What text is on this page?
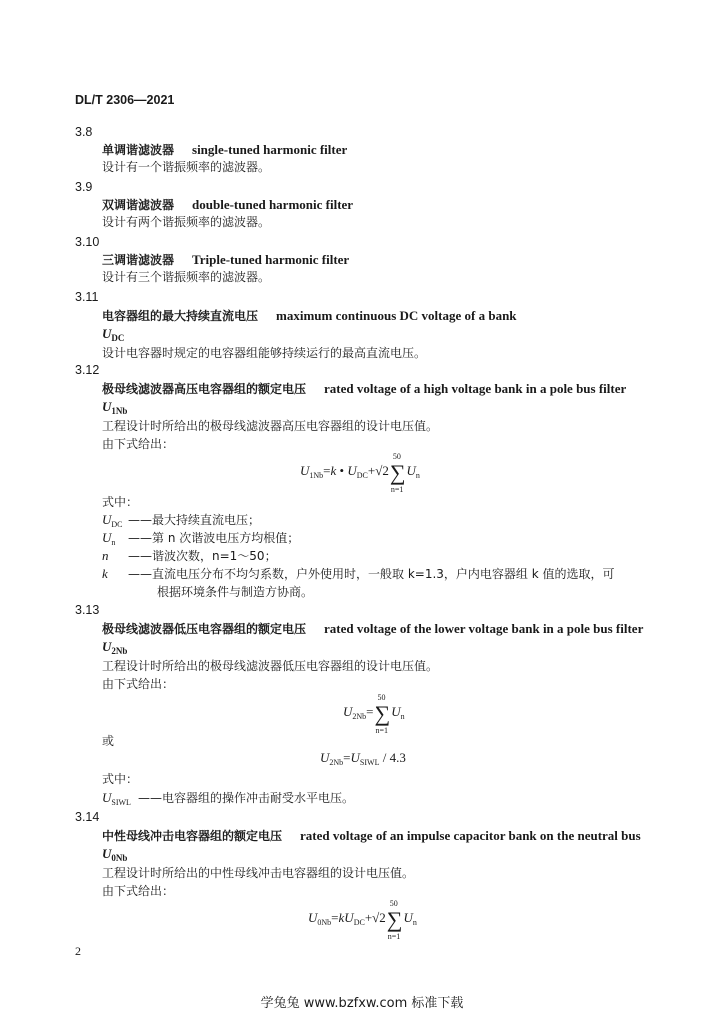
DL/T 2306—2021
3.8
单调谐滤波器 single-tuned harmonic filter
设计有一个谐振频率的滤波器。
3.9
双调谐滤波器 double-tuned harmonic filter
设计有两个谐振频率的滤波器。
3.10
三调谐滤波器 Triple-tuned harmonic filter
设计有三个谐振频率的滤波器。
3.11
电容器组的最大持续直流电压 maximum continuous DC voltage of a bank
$U_{DC}$
设计电容器时规定的电容器组能够持续运行的最高直流电压。
3.12
极母线滤波器高压电容器组的额定电压 rated voltage of a high voltage bank in a pole bus filter
$U_{1Nb}$
工程设计时所给出的极母线滤波器高压电容器组的设计电压值。
由下式给出：
$U_{1Nb}=k$ • $U_{DC}+√2\sum$
50
n=1
$U_n$
式中：
$U_{DC}$ ——最大持续直流电压；
$U_n$ ——第 n 次谐波电压方均根值；
n ——谐波次数，n=1～50；
k ——直流电压分布不均匀系数，户外使用时，一般取 k=1.3，户内电容器组 k 值的选取，可
根据环境条件与制造方协商。
3.13
极母线滤波器低压电容器组的额定电压 rated voltage of the lower voltage bank in a pole bus filter
$U_{2Nb}$
工程设计时所给出的极母线滤波器低压电容器组的设计电压值。
由下式给出：
$U_{2Nb}=\sum$
50
n=1
$U_n$
或
$U_{2Nb}=U_{SIWL} / 4.3$
式中：
$U_{SIWL}$ ——电容器组的操作冲击耐受水平电压。
3.14
中性母线冲击电容器组的额定电压 rated voltage of an impulse capacitor bank on the neutral bus
$U_{0Nb}$
工程设计时所给出的中性母线冲击电容器组的设计电压值。
由下式给出：
$U_{0Nb}=kU_{DC}+√2\sum$
50
n=1
$U_n$
2
学兔兔 www.bzfxw.com 标准下载
